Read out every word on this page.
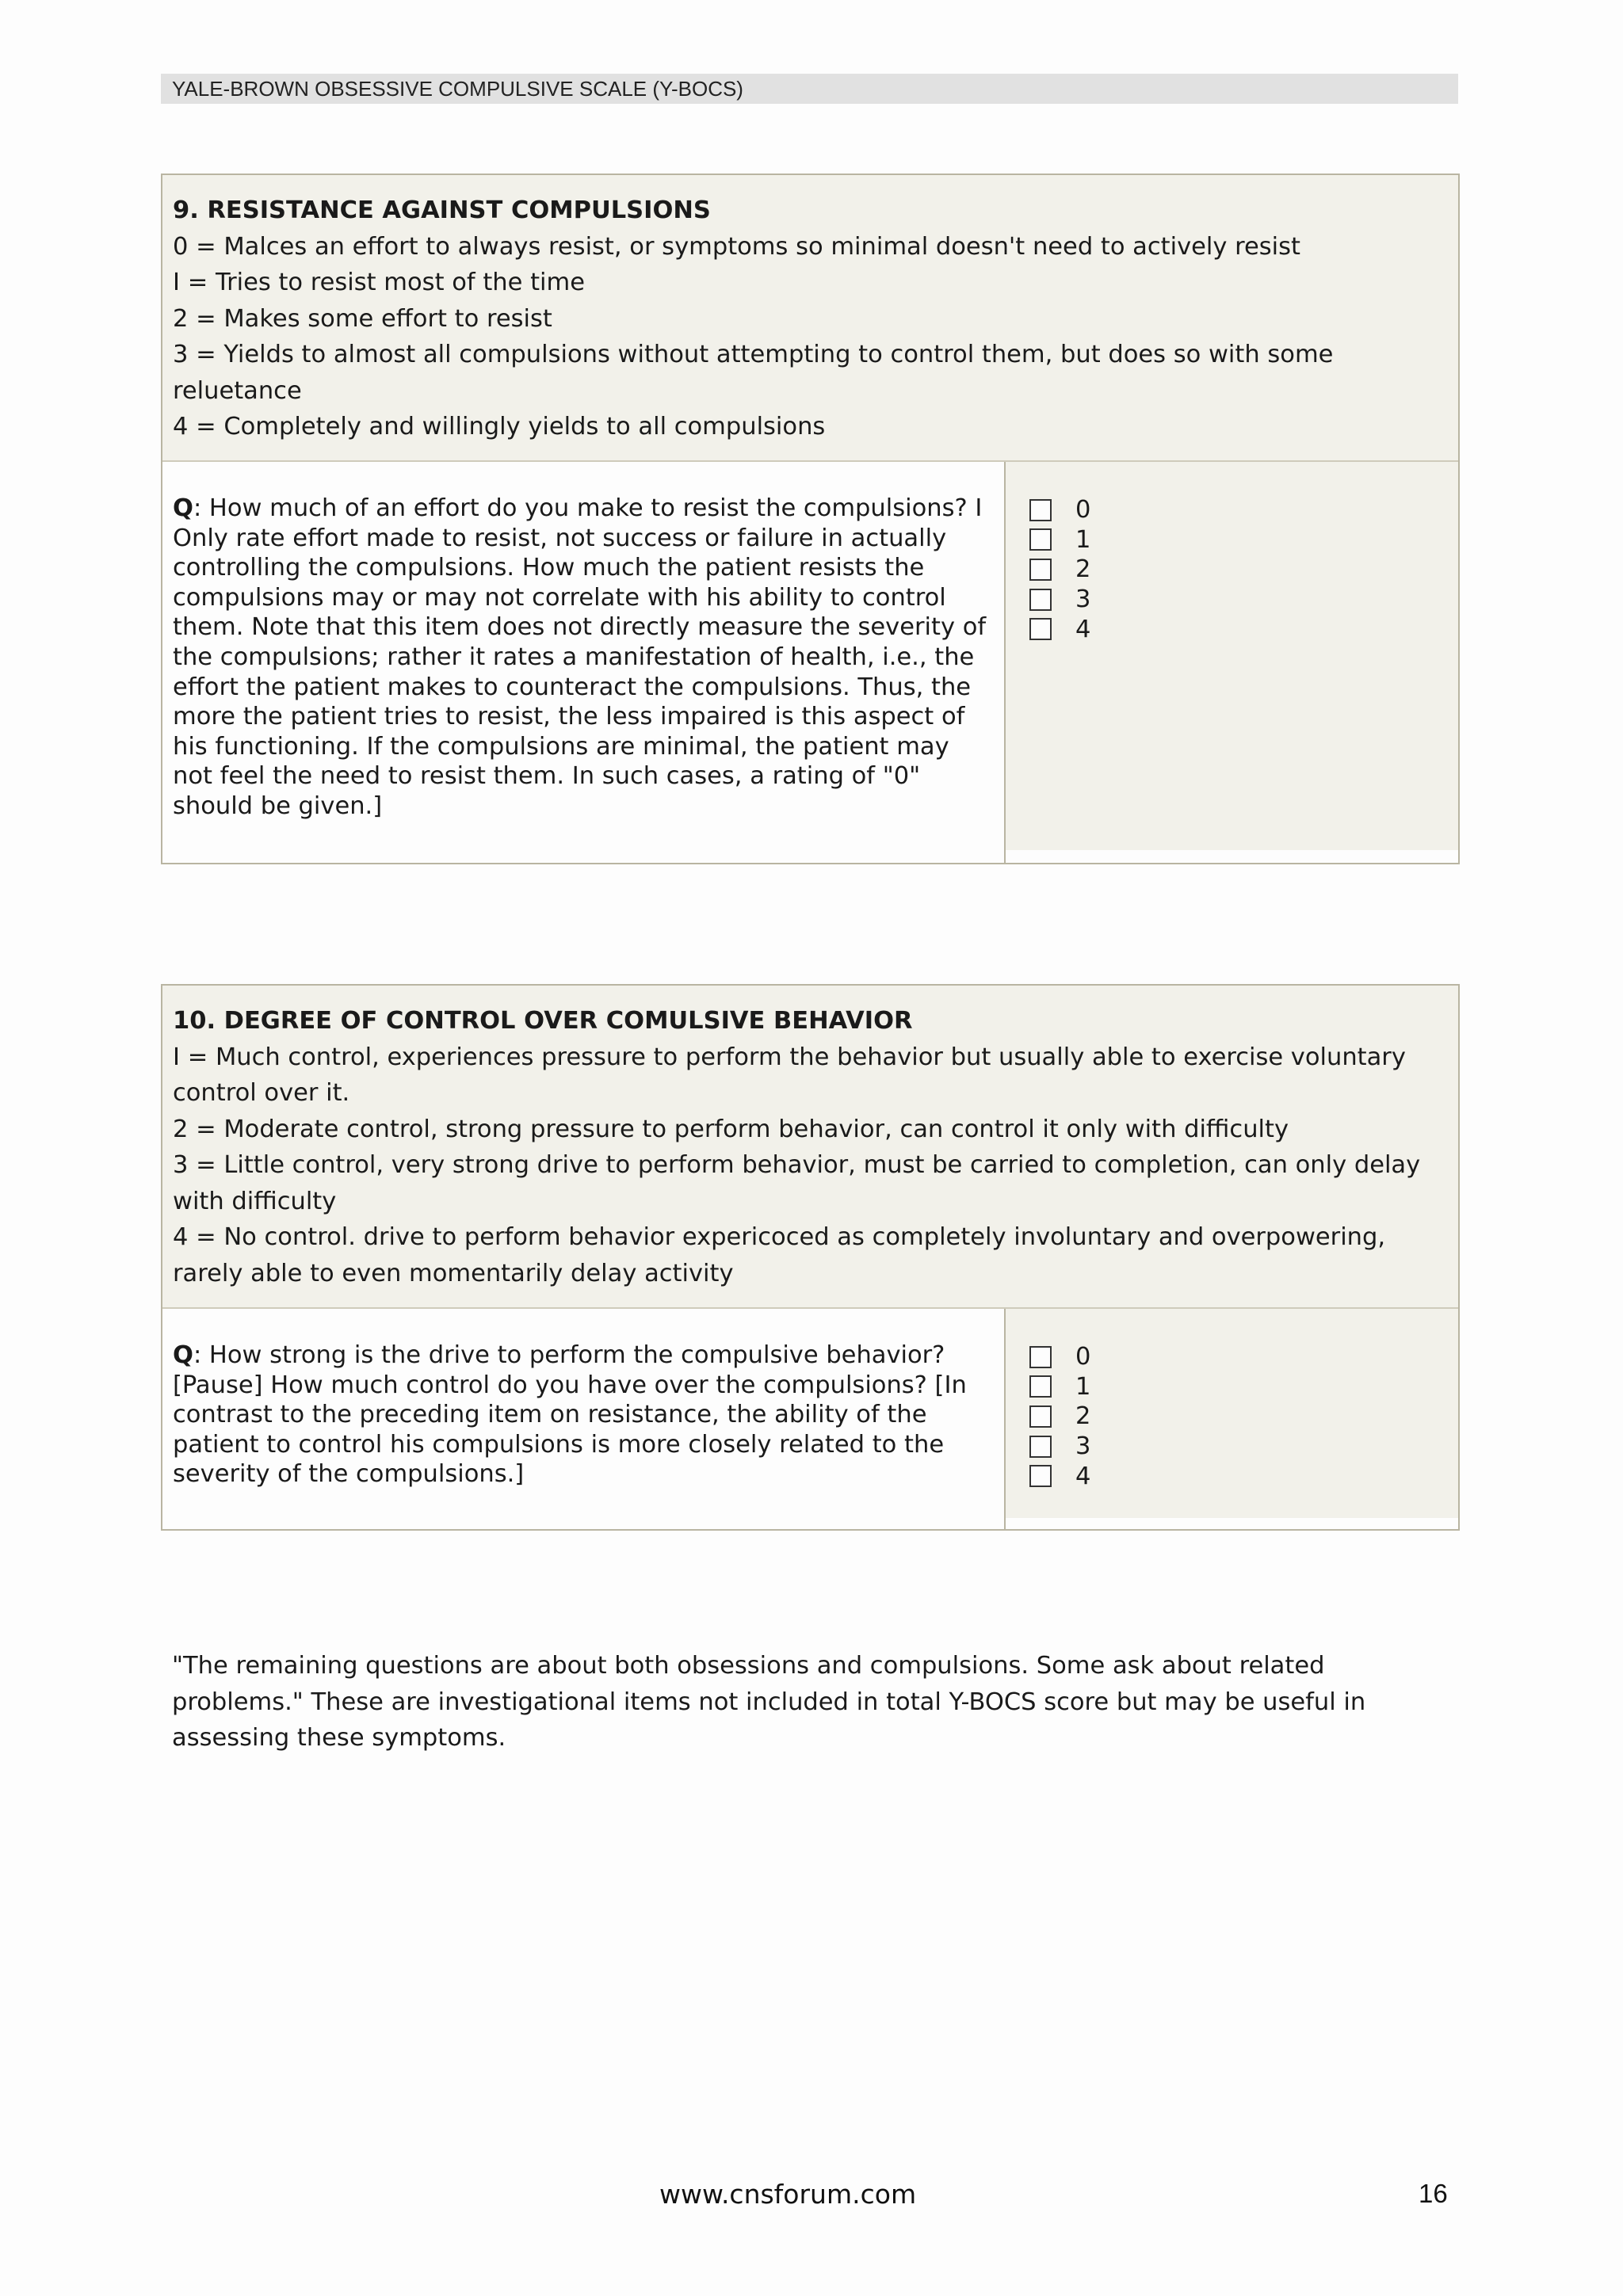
YALE-BROWN OBSESSIVE COMPULSIVE SCALE (Y-BOCS)
9. RESISTANCE AGAINST COMPULSIONS
0 = Malces an effort to always resist, or symptoms so minimal doesn't need to actively resist
I = Tries to resist most of the time
2 = Makes some effort to resist
3 = Yields to almost all compulsions without attempting to control them, but does so with some reluetance
4 = Completely and willingly yields to all compulsions
Q: How much of an effort do you make to resist the compulsions? I Only rate effort made to resist, not success or failure in actually controlling the compulsions. How much the patient resists the compulsions may or may not correlate with his ability to control them. Note that this item does not directly measure the severity of the compulsions; rather it rates a manifestation of health, i.e., the effort the patient makes to counteract the compulsions. Thus, the more the patient tries to resist, the less impaired is this aspect of his functioning. If the compulsions are minimal, the patient may not feel the need to resist them. In such cases, a rating of "0" should be given.]
0
1
2
3
4
10. DEGREE OF CONTROL OVER COMULSIVE BEHAVIOR
I = Much control, experiences pressure to perform the behavior but usually able to exercise voluntary control over it.
2 = Moderate control, strong pressure to perform behavior, can control it only with difficulty
3 = Little control, very strong drive to perform behavior, must be carried to completion, can only delay with difficulty
4 = No control. drive to perform behavior expericoced as completely involuntary and overpowering, rarely able to even momentarily delay activity
Q: How strong is the drive to perform the compulsive behavior? [Pause] How much control do you have over the compulsions? [In contrast to the preceding item on resistance, the ability of the patient to control his compulsions is more closely related to the severity of the compulsions.]
0
1
2
3
4
"The remaining questions are about both obsessions and compulsions. Some ask about related problems." These are investigational items not included in total Y-BOCS score but may be useful in assessing these symptoms.
www.cnsforum.com	16
